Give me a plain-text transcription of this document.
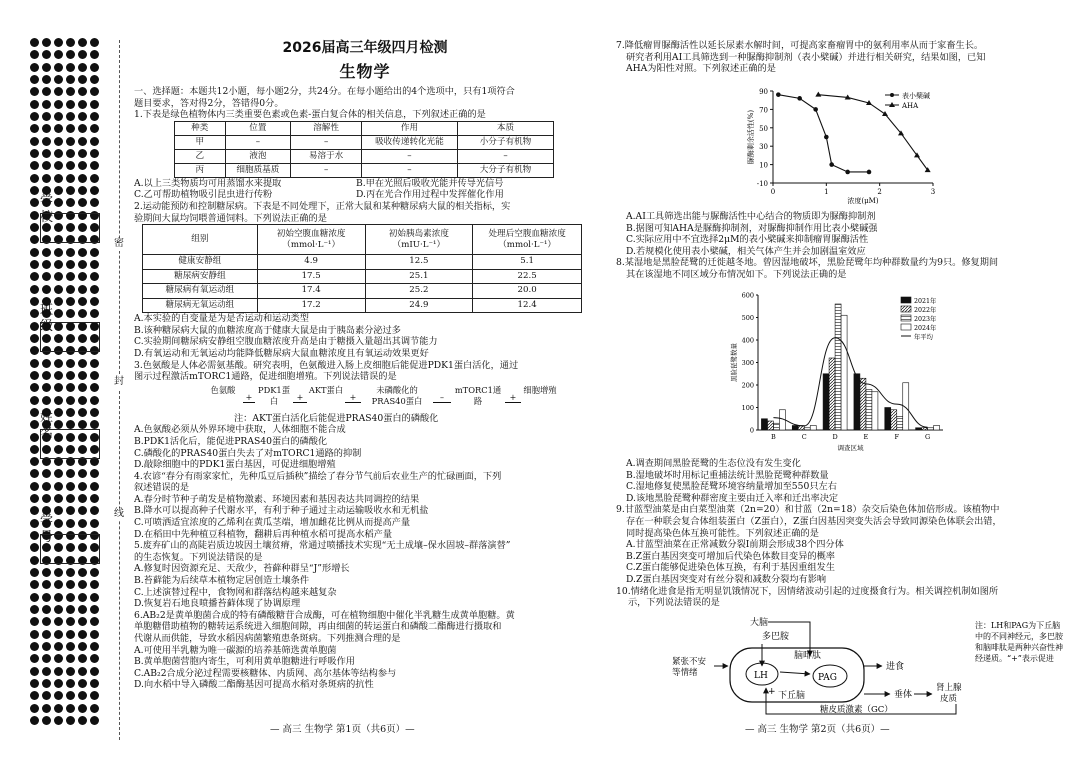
密
封
线
学 校
班 级
姓 名
学 号
2026届高三年级四月检测
生物学
一、选择题：本题共12小题，每小题2分，共24分。在每小题给出的4个选项中，只有1项符合
题目要求，答对得2分，答错得0分。
1.下表是绿色植物体内三类重要色素或色素-蛋白复合体的相关信息，下列叙述正确的是
种类	位置	溶解性	作用	本质
甲	–	–	吸收传递转化光能	小分子有机物
乙	液泡	易溶于水	–	–
丙	细胞质基质	–	–	大分子有机物
A.以上三类物质均可用蒸馏水来提取	B.甲在光照后吸收光能并传导光信号
C.乙可帮助植物吸引昆虫进行传粉	D.丙在光合作用过程中发挥催化作用
2.运动能预防和控制糖尿病。下表是不同处理下，正常大鼠和某种糖尿病大鼠的相关指标，实
验期间大鼠均饲喂普通饲料。下列说法正确的是
组别	初始空腹血糖浓度（mmol·L⁻¹）	初始胰岛素浓度（mIU·L⁻¹）	处理后空腹血糖浓度（mmol·L⁻¹）
健康安静组	4.9	12.5	5.1
糖尿病安静组	17.5	25.1	22.5
糖尿病有氧运动组	17.4	25.2	20.0
糖尿病无氧运动组	17.2	24.9	12.4
A.本实验的自变量是为是否运动和运动类型
B.该种糖尿病大鼠的血糖浓度高于健康大鼠是由于胰岛素分泌过多
C.实验期间糖尿病安静组空腹血糖浓度升高是由于糖摄入量超出其调节能力
D.有氧运动和无氧运动均能降低糖尿病大鼠血糖浓度且有氧运动效果更好
3.色氨酸是人体必需氨基酸。研究表明，色氨酸进入肠上皮细胞后能促进PDK1蛋白活化，通过
图示过程激活mTORC1通路，促进细胞增殖。下列说法错误的是
色氨酸
+
PDK1蛋白	+
AKT蛋白
+
未磷酸化的PRAS40蛋白	–
mTORC1通路	+
细胞增殖
注：AKT蛋白活化后能促进PRAS40蛋白的磷酸化
A.色氨酸必须从外界环境中获取，人体细胞不能合成
B.PDK1活化后，能促进PRAS40蛋白的磷酸化
C.磷酸化的PRAS40蛋白失去了对mTORC1通路的抑制
D.敲除细胞中的PDK1蛋白基因，可促进细胞增殖
4.农谚“春分有雨家家忙，先种瓜豆后插秧”描绘了春分节气前后农业生产的忙碌画面，下列
叙述错误的是
A.春分时节种子萌发是植物激素、环境因素和基因表达共同调控的结果
B.降水可以提高种子代谢水平，有利于种子通过主动运输吸收水和无机盐
C.可喷洒适宜浓度的乙烯利在黄瓜茎端，增加雌花比例从而提高产量
D.在稻田中先种植豆科植物，翻耕后再种植水稻可提高水稻产量
5.废弃矿山的高陡岩质边坡因土壤贫瘠，常通过喷播技术实现“无土成壤–保水固坡–群落演替”
的生态恢复。下列说法错误的是
A.修复时因资源充足、天敌少，苔藓种群呈“J”形增长
B.苔藓能为后续草本植物定居创造土壤条件
C.上述演替过程中，食物网和群落结构越来越复杂
D.恢复岩石地良喷播苔藓体现了协调原理
6.AB₂2是黄单胞菌合成的特有磷酸糖苷合成酶，可在植物细胞中催化半乳糖生成黄单胞糖。黄
单胞糖借助植物的糖转运系统进入细胞间隙，再由细菌的转运蛋白和磷酸二酯酶进行摄取和
代谢从而供能，导致水稻因病菌繁殖患条斑病。下列推测合理的是
A.可使用半乳糖为唯一碳源的培养基筛选黄单胞菌
B.黄单胞菌营胞内寄生，可利用黄单胞糖进行呼吸作用
C.AB₂2合成分泌过程需要核糖体、内质网、高尔基体等结构参与
D.向水稻中导入磷酸二酯酶基因可提高水稻对条斑病的抗性
— 高三 生物学 第1页（共6页）—
7.降低瘤胃脲酶活性以延长尿素水解时间，可提高家畜瘤胃中的氨利用率从而于家畜生长。
研究者利用AI工具筛选到一种脲酶抑制剂（表小檗碱）并进行相关研究，结果如图，已知
AHA为阳性对照。下列叙述正确的是
-10
10
30
50
70
90
0	1	2	3
脲酶剩余活性(%)
浓度(μM)
表小檗碱
AHA
A.AI工具筛选出能与脲酶活性中心结合的物质即为脲酶抑制剂
B.据图可知AHA是脲酶抑制剂，对脲酶抑制作用比表小檗碱强
C.实际应用中不宜选择2μM的表小檗碱来抑制瘤胃脲酶活性
D.若规模化使用表小檗碱，相关气体产生并会加剧温室效应
8.某湿地是黑脸琵鹭的迁徙越冬地。曾因湿地破坏，黑脸琵鹭年均种群数量约为9只。修复期间
其在该湿地不同区域分布情况如下。下列说法正确的是
0
100
200
300
400
500
600
B	C	D	E	F	G
黑脸琵鹭数量
调查区域
2021年
2022年
2023年
2024年
年平均
A.调查期间黑脸琵鹭的生态位没有发生变化
B.湿地破坏时用标记重捕法统计黑脸琵鹭种群数量
C.湿地修复使黑脸琵鹭环境容纳量增加至550只左右
D.该地黑脸琵鹭种群密度主要由迁入率和迁出率决定
9.甘蓝型油菜是由白菜型油菜（2n=20）和甘蓝（2n=18）杂交后染色体加倍形成。该植物中
存在一种联会复合体组装蛋白（Z蛋白），Z蛋白因基因突变失活会导致同源染色体联会出错，
同时提高染色体互换可能性。下列叙述正确的是
A.甘蓝型油菜在正常减数分裂Ⅰ前期会形成38个四分体
B.Z蛋白基因突变可增加后代染色体数目变异的概率
C.Z蛋白能够促进染色体互换，有利于基因重组发生
D.Z蛋白基因突变对有丝分裂和减数分裂均有影响
10.情绪化进食是指无明显饥饿情况下，因情绪波动引起的过度摄食行为。相关调控机制如图所
示，下列说法错误的是
大脑
多巴胺
紧张不安
等情绪	LH
脑啡肽
PAG
下丘脑
+
进食
垂体
肾上腺
皮质
糖皮质激素（GC）
注：LH和PAG为下丘脑
中的不同神经元，多巴胺
和脑啡肽是两种兴奋性神
经递质。“+”表示促进
— 高三 生物学 第2页（共6页）—
